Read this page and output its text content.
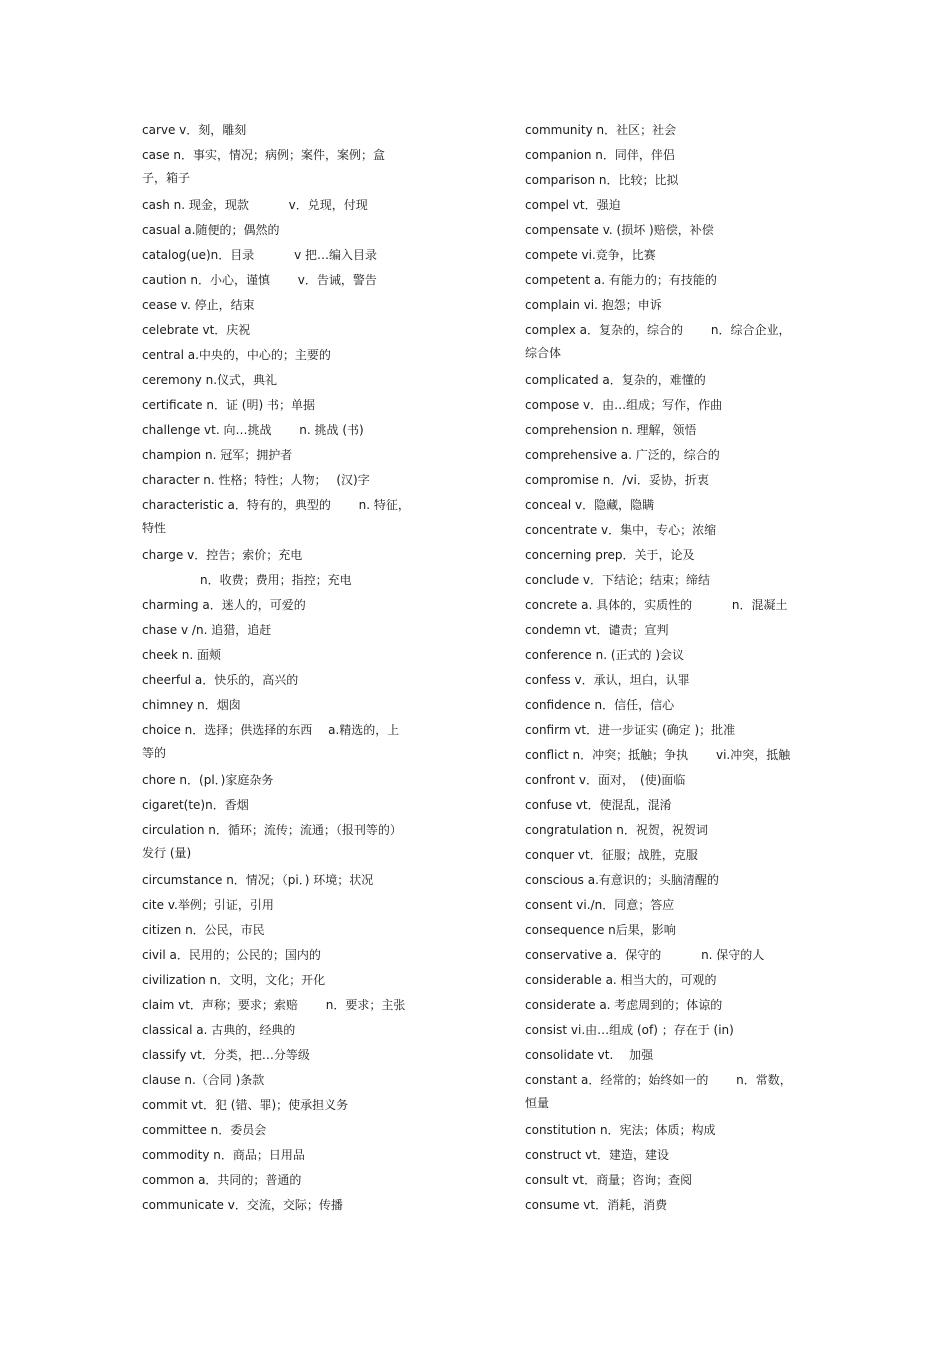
carve v．刻，雕刻
case n．事实，情况；病例；案件，案例；盒
子，箱子
cash n. 现金，现款　　　 v．兑现，付现
casual a.随便的；偶然的
catalog(ue)n．目录　　　 v 把…编入目录
caution n．小心，谨慎　　 v．告诫，警告
cease v. 停止，结束
celebrate vt．庆祝
central a.中央的，中心的；主要的
ceremony n.仪式，典礼
certificate n．证 (明) 书；单据
challenge vt. 向…挑战　　 n. 挑战 (书)
champion n. 冠军；拥护者
character n. 性格；特性；人物；　 (汉)字
characteristic a．特有的，典型的　　 n. 特征，
特性
charge v．控告；索价；充电
n．收费；费用；指控；充电
charming a．迷人的，可爱的
chase v /n. 追猎，追赶
cheek n. 面颊
cheerful a．快乐的，高兴的
chimney n．烟囱
choice n．选择；供选择的东西　 a.精选的，上
等的
chore n．(pl．)家庭杂务
cigaret(te)n．香烟
circulation n．循环；流传；流通；（报刊等的）
发行 (量)
circumstance n．情况；（pi．) 环境；状况
cite v.举例；引证，引用
citizen n．公民，市民
civil a．民用的；公民的；国内的
civilization n．文明，文化；开化
claim vt．声称；要求；索赔　　 n．要求；主张
classical a. 古典的，经典的
classify vt．分类，把…分等级
clause n.（合同 )条款
commit vt．犯 (错、罪)；使承担义务
committee n．委员会
commodity n．商品；日用品
common a．共同的；普通的
communicate v．交流，交际；传播
community n．社区；社会
companion n．同伴，伴侣
comparison n．比较；比拟
compel vt．强迫
compensate v. (损坏 )赔偿，补偿
compete vi.竞争，比赛
competent a. 有能力的；有技能的
complain vi. 抱怨；申诉
complex a．复杂的，综合的　　 n．综合企业，
综合体
complicated a．复杂的，难懂的
compose v．由…组成；写作，作曲
comprehension n. 理解，领悟
comprehensive a. 广泛的，综合的
compromise n．/vi．妥协，折衷
conceal v．隐藏，隐瞒
concentrate v．集中，专心；浓缩
concerning prep．关于，论及
conclude v．下结论；结束；缔结
concrete a. 具体的，实质性的　　　 n．混凝土
condemn vt．谴责；宣判
conference n. (正式的 )会议
confess v．承认，坦白，认罪
confidence n．信任，信心
confirm vt．进一步证实 (确定 )；批准
conflict n．冲突；抵触；争执　　 vi.冲突，抵触
confront v．面对，　(使)面临
confuse vt．使混乱，混淆
congratulation n．祝贺，祝贺词
conquer vt．征服；战胜，克服
conscious a.有意识的；头脑清醒的
consent vi./n．同意；答应
consequence n后果，影响
conservative a．保守的　　　 n. 保守的人
considerable a. 相当大的，可观的
considerate a. 考虑周到的；体谅的
consist vi.由…组成 (of) ；存在于 (in)
consolidate vt.　 加强
constant a．经常的；始终如一的　　 n．常数，
恒量
constitution n．宪法；体质；构成
construct vt．建造，建设
consult vt．商量；咨询；查阅
consume vt．消耗，消费
